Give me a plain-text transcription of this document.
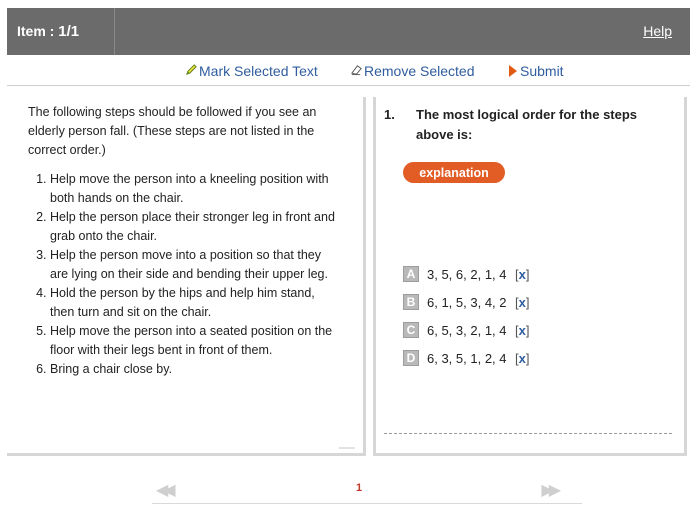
Item : 1/1	Help
Mark Selected Text	Remove Selected	Submit

The following steps should be followed if you see an elderly person fall. (These steps are not listed in the correct order.)

1. Help move the person into a kneeling position with both hands on the chair.
2. Help the person place their stronger leg in front and grab onto the chair.
3. Help the person move into a position so that they are lying on their side and bending their upper leg.
4. Hold the person by the hips and help him stand, then turn and sit on the chair.
5. Help move the person into a seated position on the floor with their legs bent in front of them.
6. Bring a chair close by.
1. The most logical order for the steps above is:
explanation
A 3, 5, 6, 2, 1, 4 [x]
B 6, 1, 5, 3, 4, 2 [x]
C 6, 5, 3, 2, 1, 4 [x]
D 6, 3, 5, 1, 2, 4 [x]
◀◀	1	▶▶
